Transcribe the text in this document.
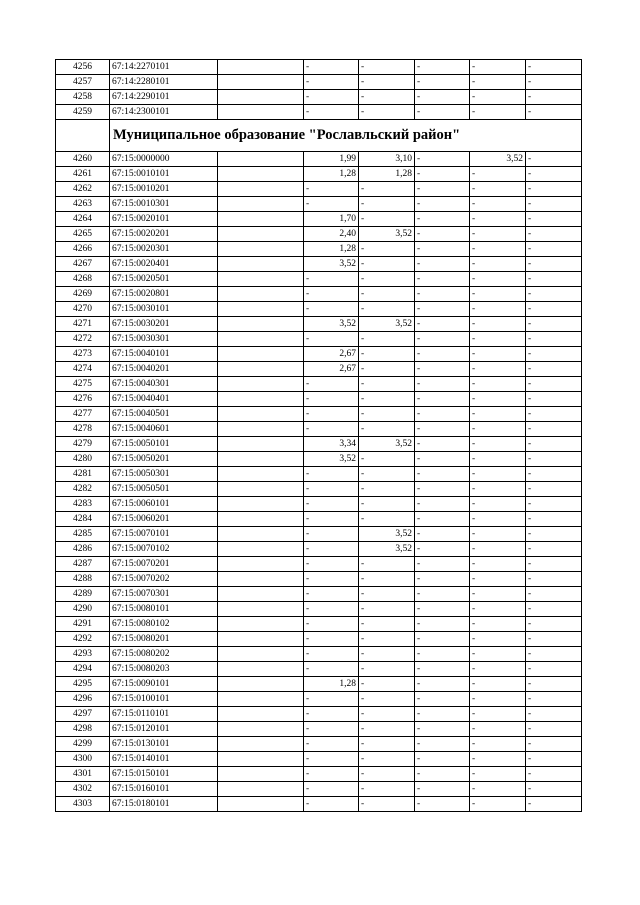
4256	67:14:2270101		-	-	-	-	-
4257	67:14:2280101		-	-	-	-	-
4258	67:14:2290101		-	-	-	-	-
4259	67:14:2300101		-	-	-	-	-
	Муниципальное образование "Рославльский район"						
4260	67:15:0000000		1,99	3,10	-	3,52	-
4261	67:15:0010101		1,28	1,28	-	-	-
4262	67:15:0010201		-	-	-	-	-
4263	67:15:0010301		-	-	-	-	-
4264	67:15:0020101		1,70	-	-	-	-
4265	67:15:0020201		2,40	3,52	-	-	-
4266	67:15:0020301		1,28	-	-	-	-
4267	67:15:0020401		3,52	-	-	-	-
4268	67:15:0020501		-	-	-	-	-
4269	67:15:0020801		-	-	-	-	-
4270	67:15:0030101		-	-	-	-	-
4271	67:15:0030201		3,52	3,52	-	-	-
4272	67:15:0030301		-	-	-	-	-
4273	67:15:0040101		2,67	-	-	-	-
4274	67:15:0040201		2,67	-	-	-	-
4275	67:15:0040301		-	-	-	-	-
4276	67:15:0040401		-	-	-	-	-
4277	67:15:0040501		-	-	-	-	-
4278	67:15:0040601		-	-	-	-	-
4279	67:15:0050101		3,34	3,52	-	-	-
4280	67:15:0050201		3,52	-	-	-	-
4281	67:15:0050301		-	-	-	-	-
4282	67:15:0050501		-	-	-	-	-
4283	67:15:0060101		-	-	-	-	-
4284	67:15:0060201		-	-	-	-	-
4285	67:15:0070101		-	3,52	-	-	-
4286	67:15:0070102		-	3,52	-	-	-
4287	67:15:0070201		-	-	-	-	-
4288	67:15:0070202		-	-	-	-	-
4289	67:15:0070301		-	-	-	-	-
4290	67:15:0080101		-	-	-	-	-
4291	67:15:0080102		-	-	-	-	-
4292	67:15:0080201		-	-	-	-	-
4293	67:15:0080202		-	-	-	-	-
4294	67:15:0080203		-	-	-	-	-
4295	67:15:0090101		1,28	-	-	-	-
4296	67:15:0100101		-	-	-	-	-
4297	67:15:0110101		-	-	-	-	-
4298	67:15:0120101		-	-	-	-	-
4299	67:15:0130101		-	-	-	-	-
4300	67:15:0140101		-	-	-	-	-
4301	67:15:0150101		-	-	-	-	-
4302	67:15:0160101		-	-	-	-	-
4303	67:15:0180101		-	-	-	-	-
